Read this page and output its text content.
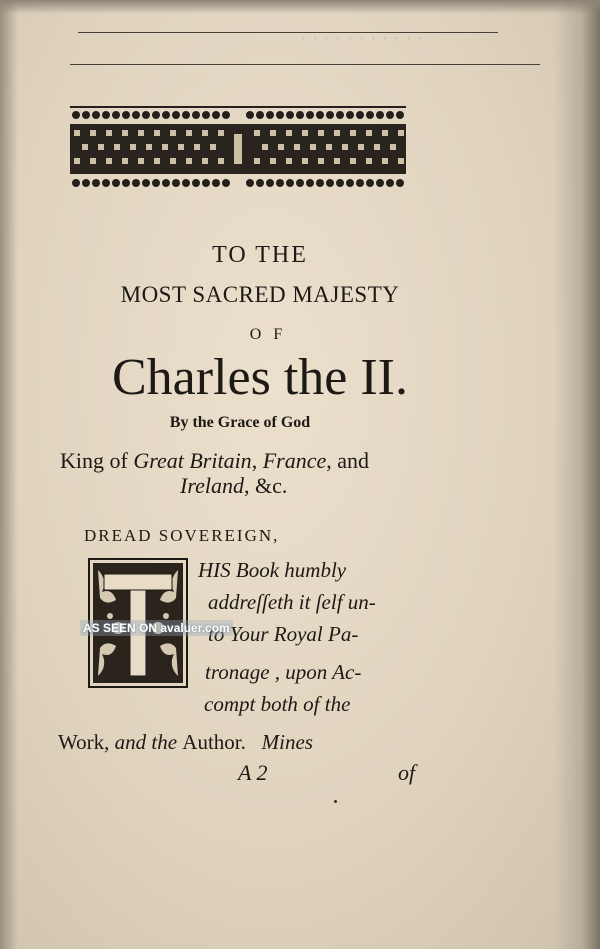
· · · · · · · · · · ·
TO THE
MOST SACRED MAJESTY
OF
Charles the II.
By the Grace of God
King of Great Britain, France, and
Ireland, &c.
DREAD SOVEREIGN,
HIS Book humbly
addreſſeth it ſelf un-
to Your Royal Pa-
tronage , upon Ac-
compt both of the
Work, and the Author. Mines
A 2	of
AS SEEN ON avaluer.com
